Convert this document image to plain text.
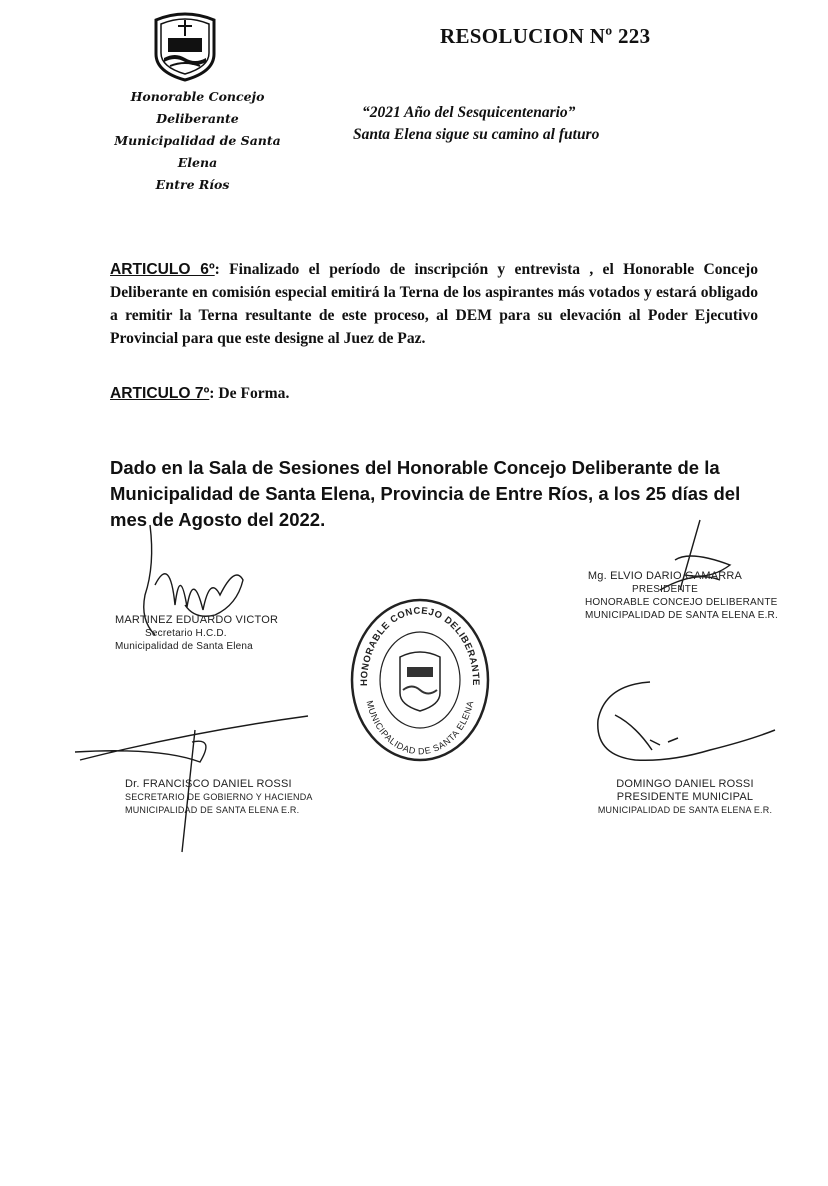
Honorable Concejo Deliberante
Municipalidad de Santa Elena
Entre Ríos
RESOLUCION Nº 223
“2021 Año del Sesquicentenario”
Santa Elena sigue su camino al futuro
ARTICULO 6º: Finalizado el período de inscripción y entrevista , el Honorable Concejo Deliberante en comisión especial emitirá la Terna de los aspirantes más votados y estará obligado a remitir la Terna resultante de este proceso, al DEM para su elevación al Poder Ejecutivo Provincial para que este designe al Juez de Paz.
ARTICULO 7º: De Forma.
Dado en la Sala de Sesiones del Honorable Concejo Deliberante de la Municipalidad de Santa Elena, Provincia de Entre Ríos, a los 25 días del mes de Agosto del 2022.
MARTINEZ EDUARDO VICTOR
Secretario H.C.D.
Municipalidad de Santa Elena
Mg. ELVIO DARIO GAMARRA
PRESIDENTE
HONORABLE CONCEJO DELIBERANTE
MUNICIPALIDAD DE SANTA ELENA E.R.
HONORABLE CONCEJO DELIBERANTE
MUNICIPALIDAD DE SANTA ELENA
Dr. FRANCISCO DANIEL ROSSI
SECRETARIO DE GOBIERNO Y HACIENDA
MUNICIPALIDAD DE SANTA ELENA E.R.
DOMINGO DANIEL ROSSI
PRESIDENTE MUNICIPAL
MUNICIPALIDAD DE SANTA ELENA E.R.
